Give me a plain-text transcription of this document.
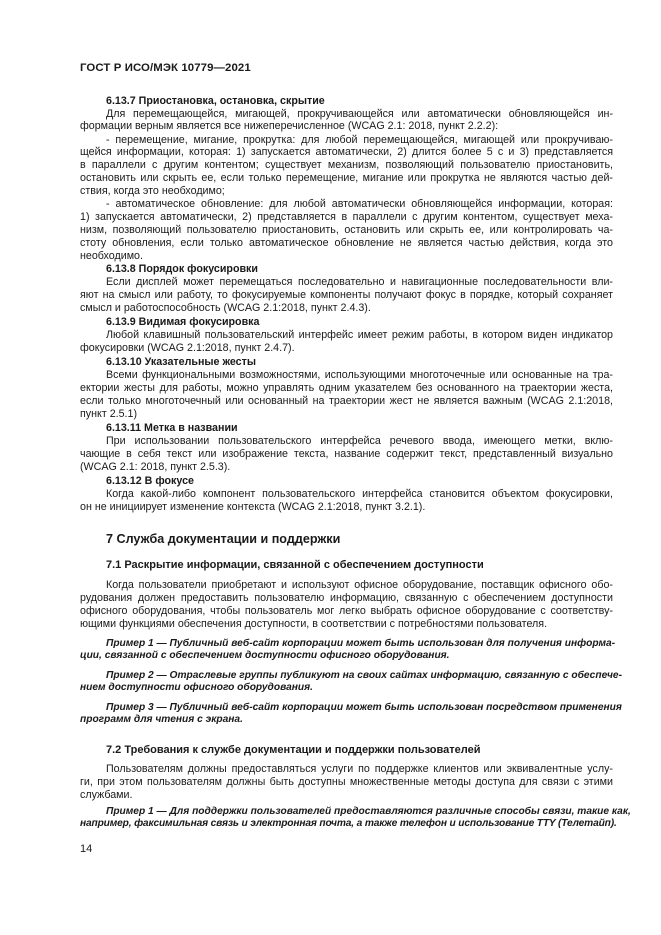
ГОСТ Р ИСО/МЭК 10779—2021
6.13.7 Приостановка, остановка, скрытие
Для перемещающейся, мигающей, прокручивающейся или автоматически обновляющейся ин-
формации верным является все нижеперечисленное (WCAG 2.1: 2018, пункт 2.2.2):
- перемещение, мигание, прокрутка: для любой перемещающейся, мигающей или прокручиваю-
щейся информации, которая: 1) запускается автоматически, 2) длится более 5 с и 3) представляется
в параллели с другим контентом; существует механизм, позволяющий пользователю приостановить,
остановить или скрыть ее, если только перемещение, мигание или прокрутка не являются частью дей-
ствия, когда это необходимо;
- автоматическое обновление: для любой автоматически обновляющейся информации, которая:
1) запускается автоматически, 2) представляется в параллели с другим контентом, существует меха-
низм, позволяющий пользователю приостановить, остановить или скрыть ее, или контролировать ча-
стоту обновления, если только автоматическое обновление не является частью действия, когда это
необходимо.
6.13.8 Порядок фокусировки
Если дисплей может перемещаться последовательно и навигационные последовательности вли-
яют на смысл или работу, то фокусируемые компоненты получают фокус в порядке, который сохраняет
смысл и работоспособность (WCAG 2.1:2018, пункт 2.4.3).
6.13.9 Видимая фокусировка
Любой клавишный пользовательский интерфейс имеет режим работы, в котором виден индикатор
фокусировки (WCAG 2.1:2018, пункт 2.4.7).
6.13.10 Указательные жесты
Всеми функциональными возможностями, использующими многоточечные или основанные на тра-
ектории жесты для работы, можно управлять одним указателем без основанного на траектории жеста,
если только многоточечный или основанный на траектории жест не является важным (WCAG 2.1:2018,
пункт 2.5.1)
6.13.11 Метка в названии
При использовании пользовательского интерфейса речевого ввода, имеющего метки, вклю-
чающие в себя текст или изображение текста, название содержит текст, представленный визуально
(WCAG 2.1: 2018, пункт 2.5.3).
6.13.12 В фокусе
Когда какой-либо компонент пользовательского интерфейса становится объектом фокусировки,
он не инициирует изменение контекста (WCAG 2.1:2018, пункт 3.2.1).
7 Служба документации и поддержки
7.1 Раскрытие информации, связанной с обеспечением доступности
Когда пользователи приобретают и используют офисное оборудование, поставщик офисного обо-
рудования должен предоставить пользователю информацию, связанную с обеспечением доступности
офисного оборудования, чтобы пользователь мог легко выбрать офисное оборудование с соответству-
ющими функциями обеспечения доступности, в соответствии с потребностями пользователя.
Пример 1 — Публичный веб-сайт корпорации может быть использован для получения информа-
ции, связанной с обеспечением доступности офисного оборудования.
Пример 2 — Отраслевые группы публикуют на своих сайтах информацию, связанную с обеспече-
нием доступности офисного оборудования.
Пример 3 — Публичный веб-сайт корпорации может быть использован посредством применения
программ для чтения с экрана.
7.2 Требования к службе документации и поддержки пользователей
Пользователям должны предоставляться услуги по поддержке клиентов или эквивалентные услу-
ги, при этом пользователям должны быть доступны множественные методы доступа для связи с этими
службами.
Пример 1 — Для поддержки пользователей предоставляются различные способы связи, такие как,
например, факсимильная связь и электронная почта, а также телефон и использование TTY (Телетайп).
14
